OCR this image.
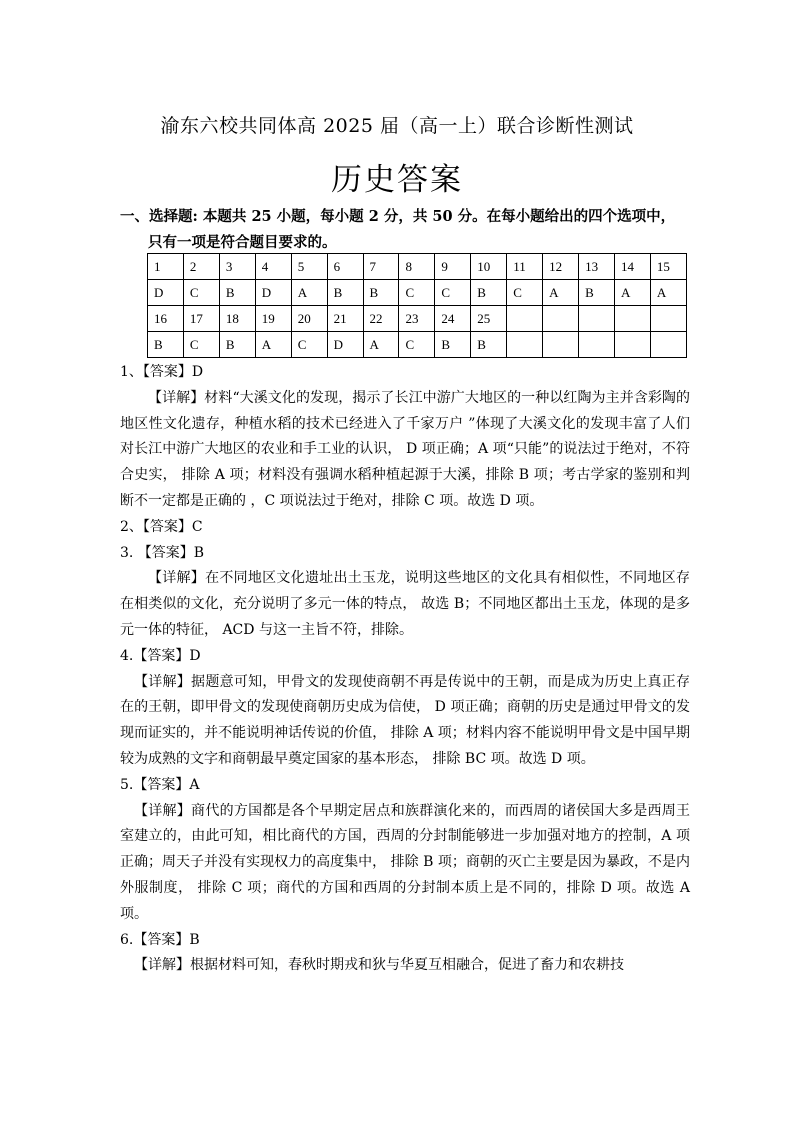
渝东六校共同体高 2025 届（高一上）联合诊断性测试
历史答案
一、选择题: 本题共 25 小题，每小题 2 分，共 50 分。在每小题给出的四个选项中，
只有一项是符合题目要求的。
1	2	3	4	5	6	7	8	9	10	11	12	13	14	15
D	C	B	D	A	B	B	C	C	B	C	A	B	A	A
16	17	18	19	20	21	22	23	24	25					
B	C	B	A	C	D	A	C	B	B					
1、【答案】D
【详解】材料“大溪文化的发现，揭示了长江中游广大地区的一种以红陶为主并含彩陶的地区性文化遗存，种植水稻的技术已经进入了千家万户 ”体现了大溪文化的发现丰富了人们对长江中游广大地区的农业和手工业的认识， D 项正确；A 项“只能”的说法过于绝对，不符合史实， 排除 A 项；材料没有强调水稻种植起源于大溪，排除 B 项；考古学家的鉴别和判断不一定都是正确的 ，C 项说法过于绝对，排除 C 项。故选 D 项。
2、【答案】C
3. 【答案】B
【详解】在不同地区文化遗址出土玉龙，说明这些地区的文化具有相似性，不同地区存在相类似的文化，充分说明了多元一体的特点， 故选 B；不同地区都出土玉龙，体现的是多元一体的特征， ACD 与这一主旨不符，排除。
4.【答案】D
【详解】据题意可知，甲骨文的发现使商朝不再是传说中的王朝，而是成为历史上真正存在的王朝，即甲骨文的发现使商朝历史成为信使， D 项正确；商朝的历史是通过甲骨文的发现而证实的，并不能说明神话传说的价值， 排除 A 项；材料内容不能说明甲骨文是中国早期较为成熟的文字和商朝最早奠定国家的基本形态， 排除 BC 项。故选 D 项。
5.【答案】A
【详解】商代的方国都是各个早期定居点和族群演化来的，而西周的诸侯国大多是西周王室建立的，由此可知，相比商代的方国，西周的分封制能够进一步加强对地方的控制，A 项正确；周天子并没有实现权力的高度集中， 排除 B 项；商朝的灭亡主要是因为暴政，不是内外服制度， 排除 C 项；商代的方国和西周的分封制本质上是不同的，排除 D 项。故选 A 项。
6.【答案】B
【详解】根据材料可知，春秋时期戎和狄与华夏互相融合，促进了畜力和农耕技
